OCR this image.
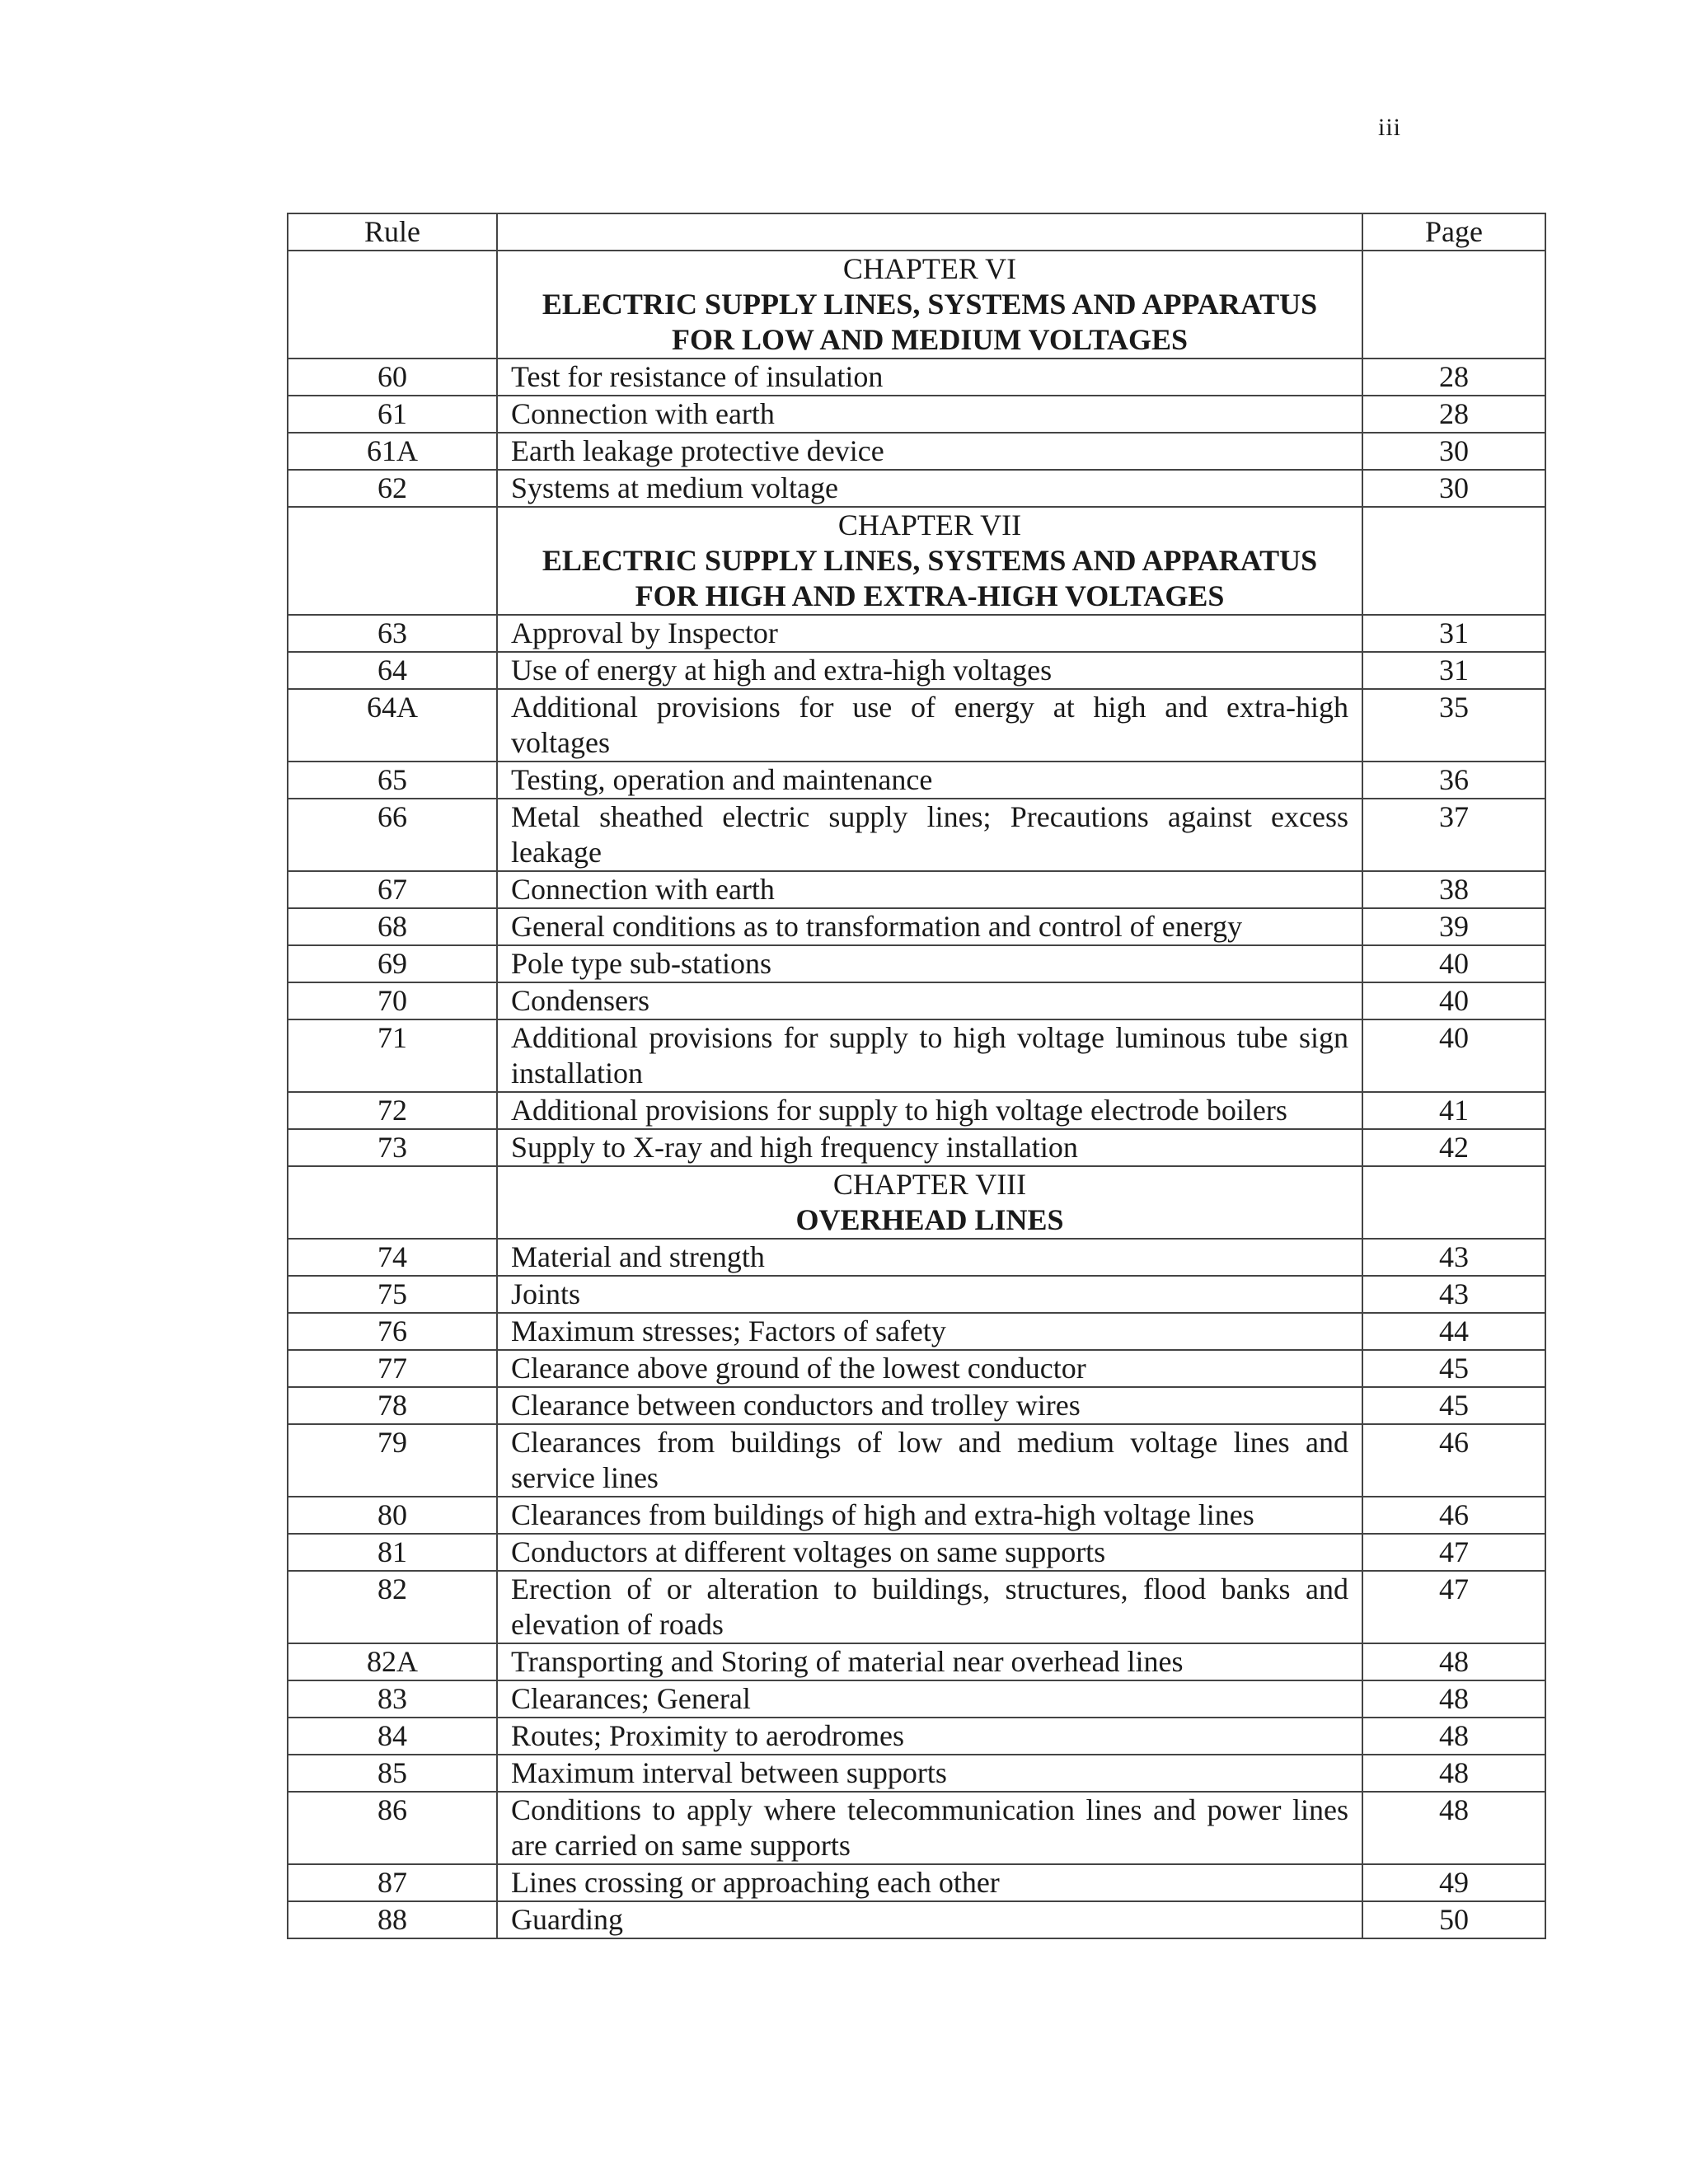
iii
Rule		Page

	CHAPTER VI
ELECTRIC SUPPLY LINES, SYSTEMS AND APPARATUS
FOR LOW AND MEDIUM VOLTAGES	

60	Test for resistance of insulation	28
61	Connection with earth	28
61A	Earth leakage protective device	30
62	Systems at medium voltage	30

	CHAPTER VII
ELECTRIC SUPPLY LINES, SYSTEMS AND APPARATUS
FOR HIGH AND EXTRA-HIGH VOLTAGES	

63	Approval by Inspector	31
64	Use of energy at high and extra-high voltages	31
64A	Additional provisions for use of energy at high and extra-high voltages	35
65	Testing, operation and maintenance	36
66	Metal sheathed electric supply lines; Precautions against excess leakage	37
67	Connection with earth	38
68	General conditions as to transformation and control of energy	39
69	Pole type sub-stations	40
70	Condensers	40
71	Additional provisions for supply to high voltage luminous tube sign installation	40
72	Additional provisions for supply to high voltage electrode boilers	41
73	Supply to X-ray and high frequency installation	42

	CHAPTER VIII
OVERHEAD LINES	

74	Material and strength	43
75	Joints	43
76	Maximum stresses; Factors of safety	44
77	Clearance above ground of the lowest conductor	45
78	Clearance between conductors and trolley wires	45
79	Clearances from buildings of low and medium voltage lines and service lines	46
80	Clearances from buildings of high and extra-high voltage lines	46
81	Conductors at different voltages on same supports	47
82	Erection of or alteration to buildings, structures, flood banks and elevation of roads	47
82A	Transporting and Storing of material near overhead lines	48
83	Clearances; General	48
84	Routes; Proximity to aerodromes	48
85	Maximum interval between supports	48
86	Conditions to apply where telecommunication lines and power lines are carried on same supports	48
87	Lines crossing or approaching each other	49
88	Guarding	50
